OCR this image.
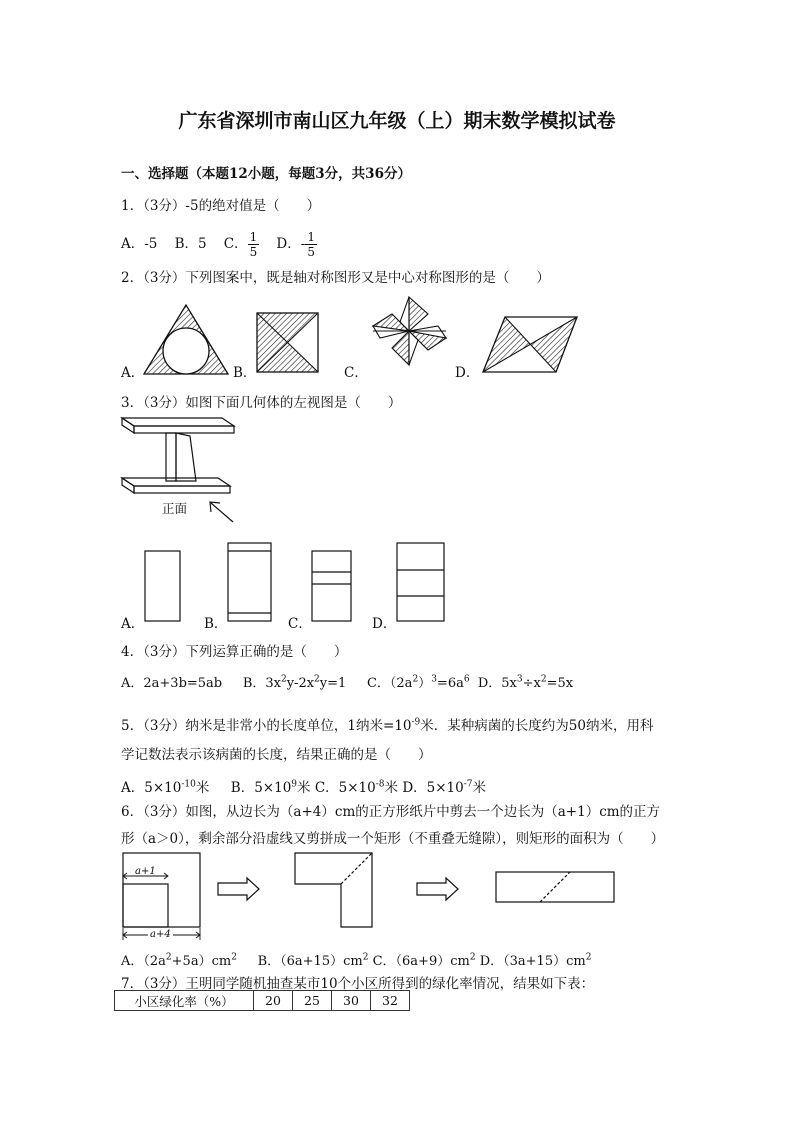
广东省深圳市南山区九年级（上）期末数学模拟试卷
一、选择题（本题12小题，每题3分，共36分）
1．（3分）-5的绝对值是（　　）
A．-5 B．5 C． $\frac{1}{5}$ D．- $\frac{1}{5}$
2．（3分）下列图案中，既是轴对称图形又是中心对称图形的是（　　）
A．	B．	C．	D．
3．（3分）如图下面几何体的左视图是（　　）
正面
A．	B．	C．	D．
4．（3分）下列运算正确的是（　　）
A．2a+3b=5ab B．$3x^2y-2x^2y=1$ C．$(2a^2)^3=6a^6$ D．$5x^3\div x^2=5x$
5．（3分）纳米是非常小的长度单位，1纳米$=10^{-9}$米．某种病菌的长度约为50纳米，用科
学记数法表示该病菌的长度，结果正确的是（　　）
A．$5\times 10^{-10}$米 B．$5\times 10^9$米 C．$5\times 10^{-8}$米 D．$5\times 10^{-7}$米
6．（3分）如图，从边长为（a+4）cm的正方形纸片中剪去一个边长为（a+1）cm的正方
形（a＞0），剩余部分沿虚线又剪拼成一个矩形（不重叠无缝隙），则矩形的面积为（　　）
a+1
a+4
A．$(2a^2+5a)cm^2$ B．$(6a+15)cm^2$ C．$(6a+9)cm^2$ D．$(3a+15)cm^2$
7．（3分）王明同学随机抽查某市10个小区所得到的绿化率情况，结果如下表：
小区绿化率（%）	20	25	30	32
